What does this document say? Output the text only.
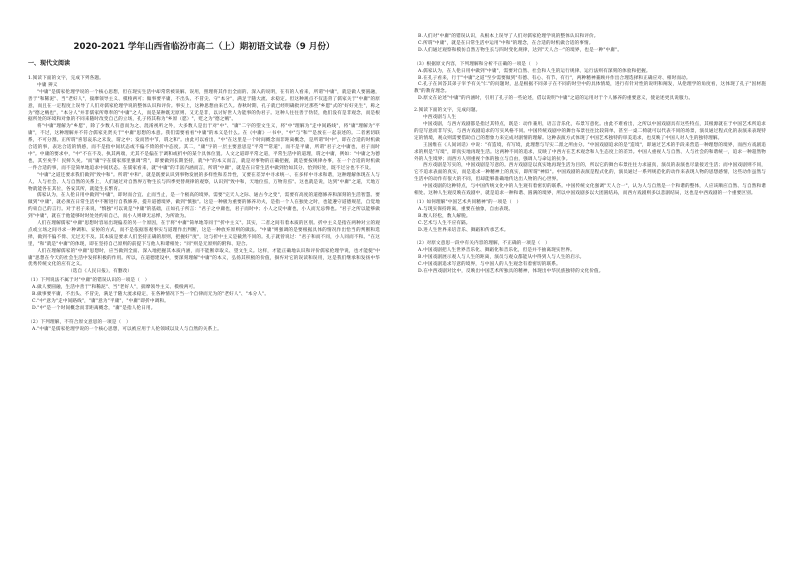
2020-2021 学年山西省临汾市高二（上）期初语文试卷（9 月份）
一、现代文阅读

1.阅读下面的文字，完成下列各题。

中庸 辨义

"中庸"是儒家伦理学说的一个核心思想，但在现实生活中却常常被误解、误用，照理将其作出全面的、深入的说明，在有的人看来，所谓"中庸"，就是做人要圆融，善于"和稀泥"、当"老好人"，揣摩领导主义、模棱两可；做事要平庸，不出头、不冒尖、守"本分"，满足于随大流、求稳定。但这种观点不仅违背了儒家关于"中庸"的原意，而且在一定程度上误导了人们对儒家伦理学说的整体认识和评价。事实上，这种思想由来已久。春秋时期，孔子就已经明确批评过那些"乡愿"式的"好好先生"，称之为"德之贼也"，"本分人"并非儒家所尊奉的"中庸"之人，而是某种既无原则、又无是非，以讨好世人为能事的伪君子。这种人往往善于伪装，他们没有是非观念，而是根据所处的环境和对象的不同来随时改变自己的立场，孔子将其称为"乡原（愿）"，贬之为"德之贼"。

将"中庸"理解为"乡愿"，除了少数人有意而为之、混淆视听之外，大多数人是出于对"中"、"庸"二字的望文生义，将"中"理解为"走中间路线"，将"庸"理解为"平庸"，不过，这种理解并不符合儒家先贤关于"中庸"思想的本意。我们需要看看"中庸"的本义是什么。在《中庸》一书中，"中"与"和""是放在一起表述的。二者密切联系，不可分割。正所谓"喜怒哀乐之未发，谓之中；发而皆中节，谓之和"。由此可以看出，"中"在这里是一个时间概念而非距离概念，是所谓"时中"，即在合适的时机做合适的事，表达合适的情感，而不是指中间状态或不偏不倚的折中态度。其二，"庸"字的一层主要意思是"平常""常道"，而不是平庸，所谓"君子之中庸也，君子而时中"。中庸的要求中，"中"不在不及、执其两端，尤其不是偏在于调和或折中的某个具体位置。人文之道即平常之道，平常生活中的道理，谓之中庸，例如："中庸之为德也，其至矣乎！民鲜久矣。"而"庸"字在儒家那里强调"常"，即要做到长期坚持，就"中"的本义而言，就是对事物的正确把握，就是要按规律办事，在一个合适的时机做一件合适的事，而不是简单地追求中间状态。在儒家看来，就"中庸"的丰富内涵而言，所谓"中庸"，就是在日常生活中做到恰如其分、恰到好处，既不过分也不不及。

"中庸"之道还要求我们做到"致中和"。所谓"中和"，就是既要认识到事物发展的多样性和差异性，又要在差异中寻求统一、在多样中寻求和谐，这种理解体现在人与人、人与社会、人与自然的关系上，人们通过对自然界万物生长与四季更替规律的观察，认识到"致中和，天地位焉，万物育焉"。这也就是说，达到"中庸"之道，天地万物就能各在其位，各安其所，就能生长繁育。

儒家认为，在人伦日用中做到"中庸"，即时而合宜、止而当止，是一个极高的境界。需要"完天人之际、通古今之变"，需要有高度的道德修养和深刻的生活智慧。要做到"中庸"，就必须在日常生活中不断进行自我修养，提升道德境界，做到"慎独"。这是一种极为重要的修养功夫，是指一个人在独处之时，也能遵守道德规范，自觉地约束自己的言行。对于君子来说，"慎独"可以说是"中庸"的基础，正如孔子所言："君子之中庸也，君子而时中；小人之反中庸也，小人而无忌惮也。"君子之所以能够做到"中庸"，就在于他能够时时处处约束自己，而小人则肆无忌惮，为所欲为。

人们在理解儒家"中庸"思想时容易出现偏差的另一个原因，在于将"中庸"简单地等同于"折中主义"。其实，二者之间有着本质的区别。折中主义是指在两种对立的观点或立场之间寻求一种调和、妥协的方式，而不是依据客观事实与道理作出判断，这是一种放弃原则的做法。"中庸"则强调的是要根据具体的情况作出恰当的判断和选择，做到不偏不倚、无过无不及。其本质是要求人们坚持正确的原则，把握好"度"，这与折中主义是截然不同的。孔子就曾说过："君子和而不同，小人同而不和。"在这里，"和"就是"中庸"的体现，即在坚持自己原则的前提下与他人和谐相处；"同"则是无原则的附和、迎合。

人们在理解儒家的"中庸"思想时，应当做到全面、深入地把握其本质内涵，而不能断章取义、望文生义。这样，才能正确地认识和评价儒家伦理学说，也才能使"中庸"思想在今天的社会生活中发挥积极的作用。所以，在道德建设中，要深刻理解"中庸"的本义，弘扬其积极的价值，摒弃对它的误读和误用，这是我们继承和发扬中华优秀传统文化的应有之义。

（选自《人民日报》，有删改）

（1）下列说法不属于对"中庸"的错误认识的一项是（　）

A.做人要圆融，生活中善于"和稀泥"、当"老好人"，揣摩领导主义、模棱两可。

B.做事要平庸，不出头、不冒尖，满足于随大流求稳定，在各种情况下当一个自律而无为的"老好人"、"本分人"。

C."中"意为"走中间路线"，"庸"意为"平庸"，"中庸"即折中调和。

D."中"是一个时间概念而非距离概念，"庸"是指人伦日用。

（2）下列理解，不符合原文意思的一项是（　）

A."中庸"是儒家伦理学说的一个核心思想，可以被应用于人伦领域以及人与自然的关系上。

B.人们对"中庸"的错误认识，从根本上误导了人们对儒家伦理学说的整体认识和评价。

C.所谓"中庸"，就是在日常生活中运用"中和"的理念，在合适的时机做合适的事情。

D.人们通过观察和模仿自然万物生长与四时变化规律，达到"天人合一"的境界，也是一种"中庸"。

（3）根据原文内容，下列理解和分析不正确的一项是（　）

A.儒家认为，在人伦日用中做到"中庸"，需要对自然、社会和人生的运行规律、运行法则有深刻的体验和把握。

B.在孔子看来，行于"中庸"之道"至少需要做到"有德、有心、有节、有行"，两种精神兼顾并作出合理选择和正确应对、相时而动。

C.孔子在回答其弟子宰予有关"仁"的问题时，总是根据不同弟子在不同的时空中的具体情境，进行有针对性的说明和阐发，从伦理学的角度看，这体现了孔子"因材施教"的教育理念。

D.原文在论述"中庸"的内涵时，引用了孔子的一些论述，借以说明"中庸"之道的运用对于个人修养的重要意义，使论述更具说服力。

2.阅读下面的文字，完成问题。

中西戏剧与人生

中国戏剧，与西方戏剧都是指过其特点，既是：动作兼用，语言音乐化，布景写意化。由此不难看出，之所以中国戏剧具有这些特点，其根源就在于中国艺术所追求的是写意而非写实，与西方戏剧追求的写实风格不同。中国传统戏剧中的舞台布景往往比较简单，甚至一桌二椅就可以代表不同的场景，演员通过程式化的表演来表现特定的情境，观众则需要借助自己的想象力来完成对剧情的理解。这种表演方式体现了中国艺术独特的审美追求，也反映了中国人对人生的独特理解。

王国维在《人间词话》中说："有造境，有写境，此理想与写实二派之所由分。"中国戏剧追求的是"造境"，即通过艺术的手段来营造一种理想的境界，而西方戏剧追求的则是"写境"，即真实地再现生活。这两种不同的追求，反映了中西方在艺术观念和人生态度上的差异。中国人重视人与自然、人与社会的和谐统一，追求一种超然物外的人生境界；而西方人则重视个体的独立与自由，强调人与命运的抗争。

西方戏剧是写实的，中国戏剧是写意的。西方戏剧是以真实地再现生活为目的，所以它的舞台布景往往力求逼真，演员的表演也尽量接近生活；而中国戏剧则不同，它不追求表面的真实，而是追求一种精神上的真实，即所谓"神似"。中国戏剧的表演是程式化的，演员通过一系列规范化的动作来表现人物的思想感情，这些动作虽然与生活中的动作有很大的不同，但却能够准确地传达出人物的内心世界。

中国戏剧的这种特点，与中国传统文化中的人生观有着密切的联系。中国传统文化强调"天人合一"，认为人与自然是一个和谐的整体，人应该顺应自然、与自然和谐相处。这种人生观反映在戏剧中，就是追求一种和谐、圆满的境界，所以中国戏剧多以大团圆结局，而西方戏剧则多以悲剧结局，这也是中西戏剧的一个重要区别。

（1）如何理解"中国艺术共同精神"的一项是（　）

A.与现实保持距离，重要在抽象，自由表现。

B.数人轻松，数人解脱。

C.艺术与人生不应有隔。

D.进人生世界来培音乐、舞蹈和传承艺术。

（2）对原文意思一段中有关内容的理解，不正确的一项是（　）

A.中国戏剧把人生世界音乐化、舞蹈化和音乐化，但是并不抽离现实世界。

B.中国戏剧展示观人与人生的距离，演员与观众都能从中得到人与人生的启示。

C.中国戏剧追求写意的境界，与中国人的人生观念有着密切的联系。

D.在中西戏剧对比中，反映出中国艺术所独具的精神，体现出中华民族独特的文化价值。
